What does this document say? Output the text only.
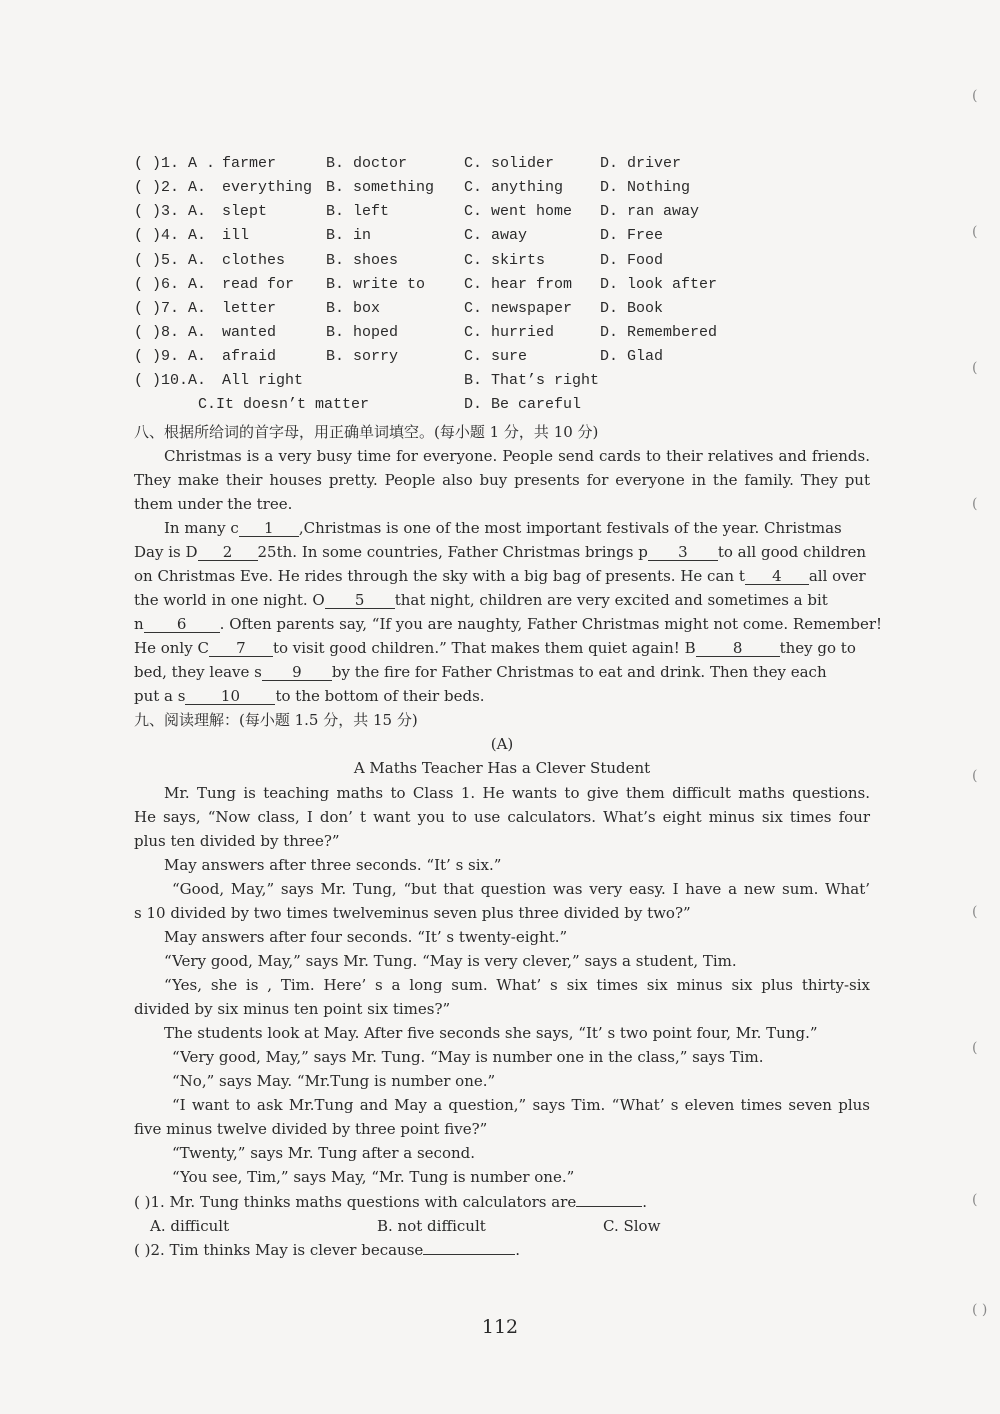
( )1. A . farmer	B. doctor	C. solider	D. driver
( )2. A. everything B. something C. anything D. Nothing
( )3. A. slept	B. left	C. went home D. ran away
( )4. A. ill	B. in	C. away	D. Free
( )5. A. clothes	B. shoes	C. skirts	D. Food
( )6. A. read for B. write to	C. hear from D. look after
( )7. A. letter	B. box	C. newspaper D. Book
( )8. A. wanted	B. hoped	C. hurried	D. Remembered
( )9. A. afraid	B. sorry	C. sure	D. Glad
( )10.A. All right	B. That’s right
C.It doesn’t matter	D. Be careful
八、根据所给词的首字母，用正确单词填空。(每小题 1 分，共 10 分)
Christmas is a very busy time for everyone. People send cards to their relatives and friends.
They make their houses pretty. People also buy presents for everyone in the family. They put
them under the tree.
In many c 1 ,Christmas is one of the most important festivals of the year. Christmas
Day is D 2 25th. In some countries, Father Christmas brings p 3 to all good children
on Christmas Eve. He rides through the sky with a big bag of presents. He can t 4 all over
the world in one night. O 5 that night, children are very excited and sometimes a bit
n 6 . Often parents say, “If you are naughty, Father Christmas might not come. Remember!
He only C 7 to visit good children.” That makes them quiet again! B 8 they go to
bed, they leave s 9 by the fire for Father Christmas to eat and drink. Then they each
put a s 10 to the bottom of their beds.
九、阅读理解：(每小题 1.5 分，共 15 分)
(A)
A Maths Teacher Has a Clever Student
Mr. Tung is teaching maths to Class 1. He wants to give them difficult maths questions.
He says, “Now class, I don’ t want you to use calculators. What’s eight minus six times four
plus ten divided by three?”
May answers after three seconds. “It’ s six.”
“Good, May,” says Mr. Tung, “but that question was very easy. I have a new sum. What’
s 10 divided by two times twelveminus seven plus three divided by two?”
May answers after four seconds. “It’ s twenty-eight.”
“Very good, May,” says Mr. Tung. “May is very clever,” says a student, Tim.
“Yes, she is , Tim. Here’ s a long sum. What’ s six times six minus six plus thirty-six
divided by six minus ten point six times?”
The students look at May. After five seconds she says, “It’ s two point four, Mr. Tung.”
“Very good, May,” says Mr. Tung. “May is number one in the class,” says Tim.
“No,” says May. “Mr.Tung is number one.”
“I want to ask Mr.Tung and May a question,” says Tim. “What’ s eleven times seven plus
five minus twelve divided by three point five?”
“Twenty,” says Mr. Tung after a second.
“You see, Tim,” says May, “Mr. Tung is number one.”
( )1. Mr. Tung thinks maths questions with calculators are	.
A. difficult	B. not difficult	C. Slow
( )2. Tim thinks May is clever because	.
112
(
(
(
(
(
(
(
(
( )
